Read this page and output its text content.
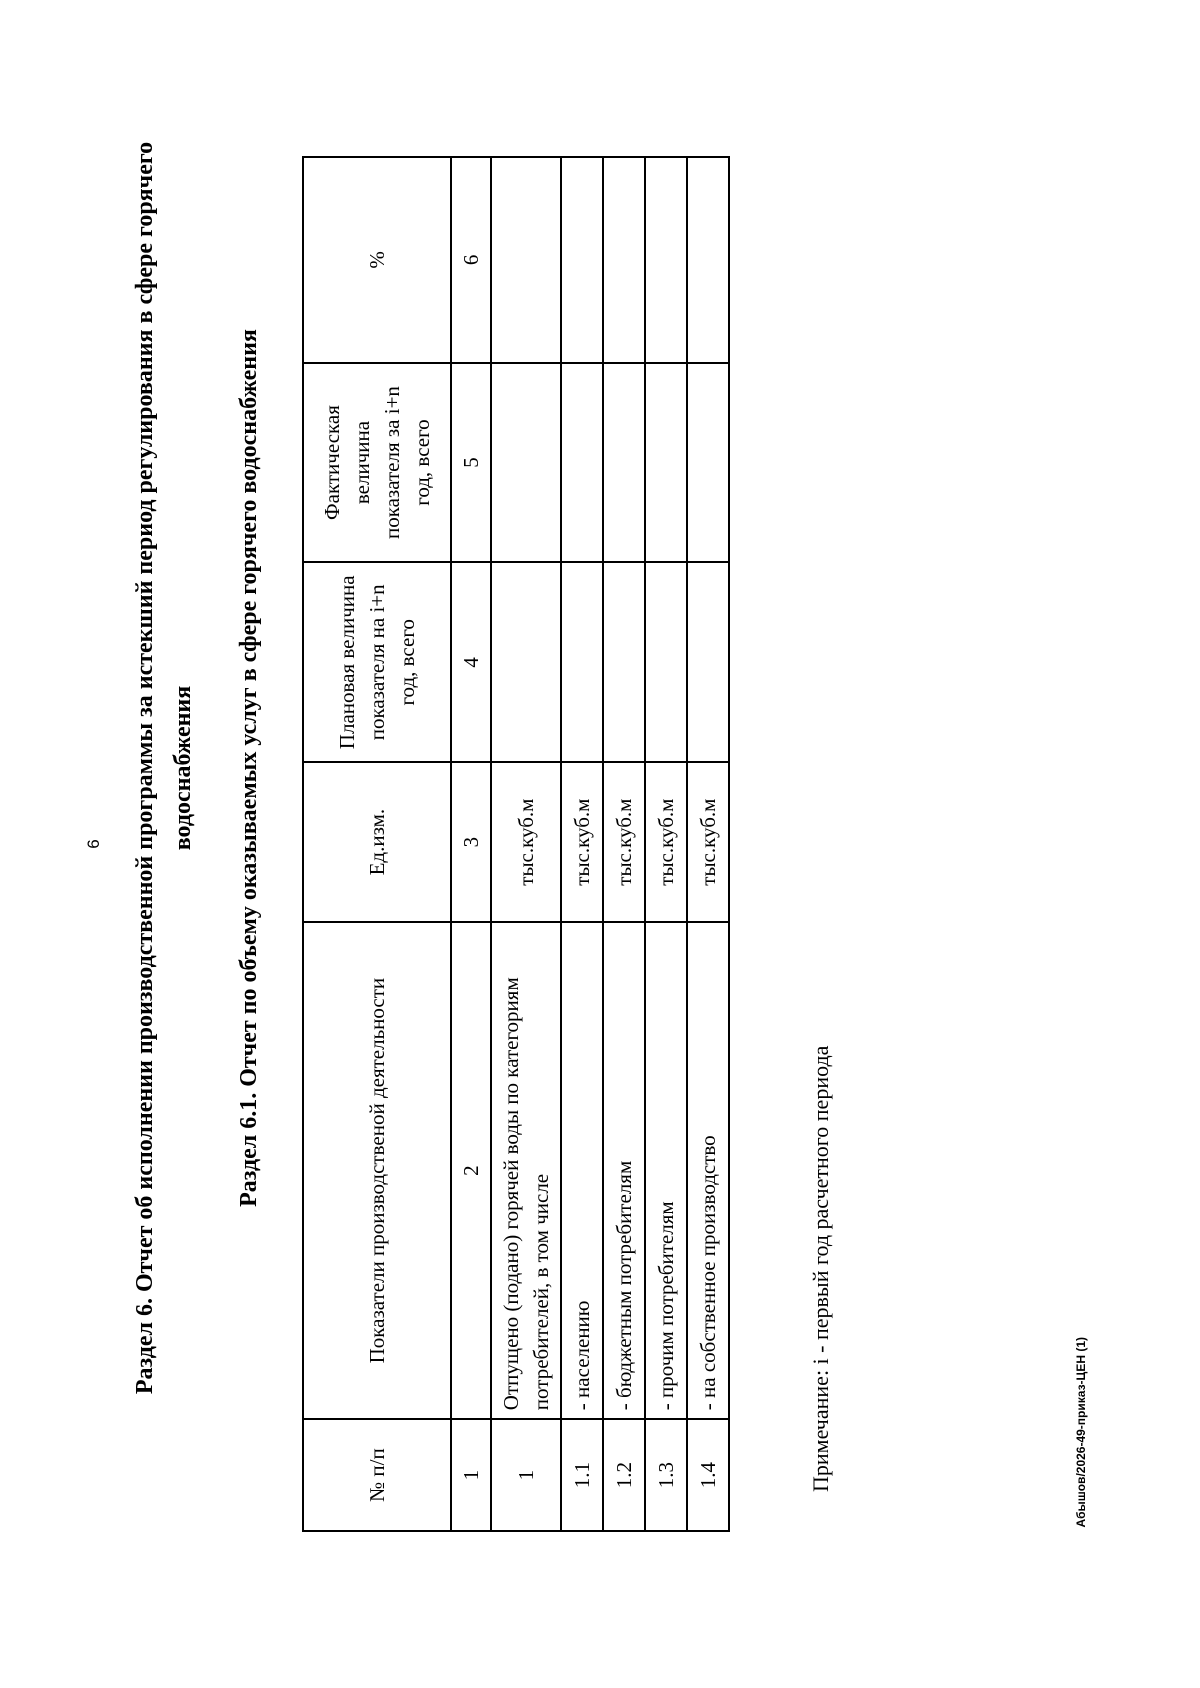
6 Раздел 6. Отчет об исполнении производственной программы за истекший период регулирования в сфере горячего водоснабжения Раздел 6.1. Отчет по объему оказываемых услуг в сфере горячего водоснабжения
№ п/п	Показатели производственой деятельности	Ед.изм.	Плановая величина показателя на i+n год, всего	Фактическая величина показателя за i+n год, всего	%
1	2	3	4	5	6
1	Отпущено (подано) горячей воды по категориям потребителей, в том числе	тыс.куб.м			
1.1	- населению	тыс.куб.м			
1.2	- бюджетным потребителям	тыс.куб.м			
1.3	- прочим потребителям	тыс.куб.м			
1.4	- на собственное производство	тыс.куб.м			
Примечание: i - первый год расчетного периода	Абышов/2026-49-приказ-ЦЕН (1)
